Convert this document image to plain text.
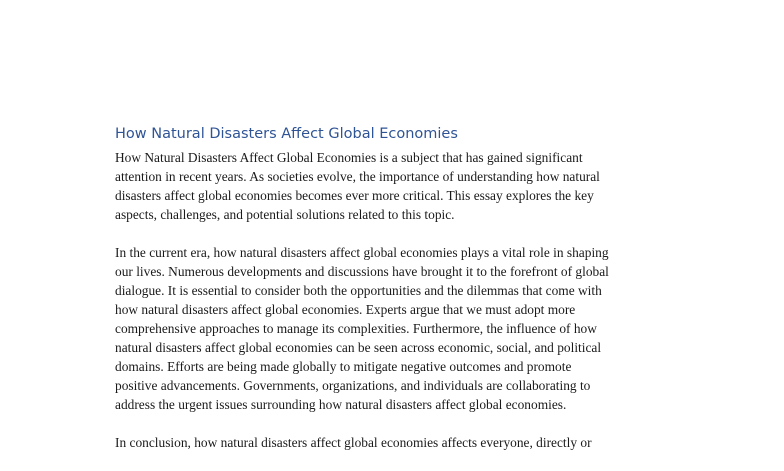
How Natural Disasters Affect Global Economies

How Natural Disasters Affect Global Economies is a subject that has gained significant
attention in recent years. As societies evolve, the importance of understanding how natural
disasters affect global economies becomes ever more critical. This essay explores the key
aspects, challenges, and potential solutions related to this topic.

In the current era, how natural disasters affect global economies plays a vital role in shaping
our lives. Numerous developments and discussions have brought it to the forefront of global
dialogue. It is essential to consider both the opportunities and the dilemmas that come with
how natural disasters affect global economies. Experts argue that we must adopt more
comprehensive approaches to manage its complexities. Furthermore, the influence of how
natural disasters affect global economies can be seen across economic, social, and political
domains. Efforts are being made globally to mitigate negative outcomes and promote
positive advancements. Governments, organizations, and individuals are collaborating to
address the urgent issues surrounding how natural disasters affect global economies.

In conclusion, how natural disasters affect global economies affects everyone, directly or
